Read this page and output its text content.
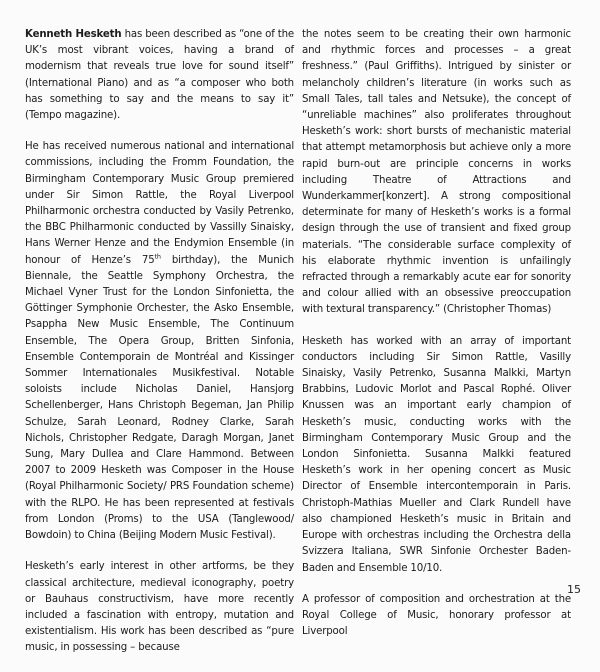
Kenneth Hesketh has been described as “one of the UK’s most vibrant voices, having a brand of modernism that reveals true love for sound itself” (International Piano) and as “a composer who both has something to say and the means to say it” (Tempo magazine).

He has received numerous national and international commissions, including the Fromm Foundation, the Birmingham Contemporary Music Group premiered under Sir Simon Rattle, the Royal Liverpool Philharmonic orchestra conducted by Vasily Petrenko, the BBC Philharmonic conducted by Vassilly Sinaisky, Hans Werner Henze and the Endymion Ensemble (in honour of Henze’s 75th birthday), the Munich Biennale, the Seattle Symphony Orchestra, the Michael Vyner Trust for the London Sinfonietta, the Göttinger Symphonie Orchester, the Asko Ensemble, Psappha New Music Ensemble, The Continuum Ensemble, The Opera Group, Britten Sinfonia, Ensemble Contemporain de Montréal and Kissinger Sommer Internationales Musikfestival. Notable soloists include Nicholas Daniel, Hansjorg Schellenberger, Hans Christoph Begeman, Jan Philip Schulze, Sarah Leonard, Rodney Clarke, Sarah Nichols, Christopher Redgate, Daragh Morgan, Janet Sung, Mary Dullea and Clare Hammond. Between 2007 to 2009 Hesketh was Composer in the House (Royal Philharmonic Society/ PRS Foundation scheme) with the RLPO. He has been represented at festivals from London (Proms) to the USA (Tanglewood/ Bowdoin) to China (Beijing Modern Music Festival).

Hesketh’s early interest in other artforms, be they classical architecture, medieval iconography, poetry or Bauhaus constructivism, have more recently included a fascination with entropy, mutation and existentialism. His work has been described as “pure music, in possessing – because

the notes seem to be creating their own harmonic and rhythmic forces and processes – a great freshness.” (Paul Griffiths). Intrigued by sinister or melancholy children’s literature (in works such as Small Tales, tall tales and Netsuke), the concept of “unreliable machines” also proliferates throughout Hesketh’s work: short bursts of mechanistic material that attempt metamorphosis but achieve only a more rapid burn-out are principle concerns in works including Theatre of Attractions and Wunderkammer[konzert]. A strong compositional determinate for many of Hesketh’s works is a formal design through the use of transient and fixed group materials. “The considerable surface complexity of his elaborate rhythmic invention is unfailingly refracted through a remarkably acute ear for sonority and colour allied with an obsessive preoccupation with textural transparency.” (Christopher Thomas)

Hesketh has worked with an array of important conductors including Sir Simon Rattle, Vasilly Sinaisky, Vasily Petrenko, Susanna Malkki, Martyn Brabbins, Ludovic Morlot and Pascal Rophé. Oliver Knussen was an important early champion of Hesketh’s music, conducting works with the Birmingham Contemporary Music Group and the London Sinfonietta. Susanna Malkki featured Hesketh’s work in her opening concert as Music Director of Ensemble intercontemporain in Paris. Christoph-Mathias Mueller and Clark Rundell have also championed Hesketh’s music in Britain and Europe with orchestras including the Orchestra della Svizzera Italiana, SWR Sinfonie Orchester Baden-Baden and Ensemble 10/10.

A professor of composition and orchestration at the Royal College of Music, honorary professor at Liverpool

15
